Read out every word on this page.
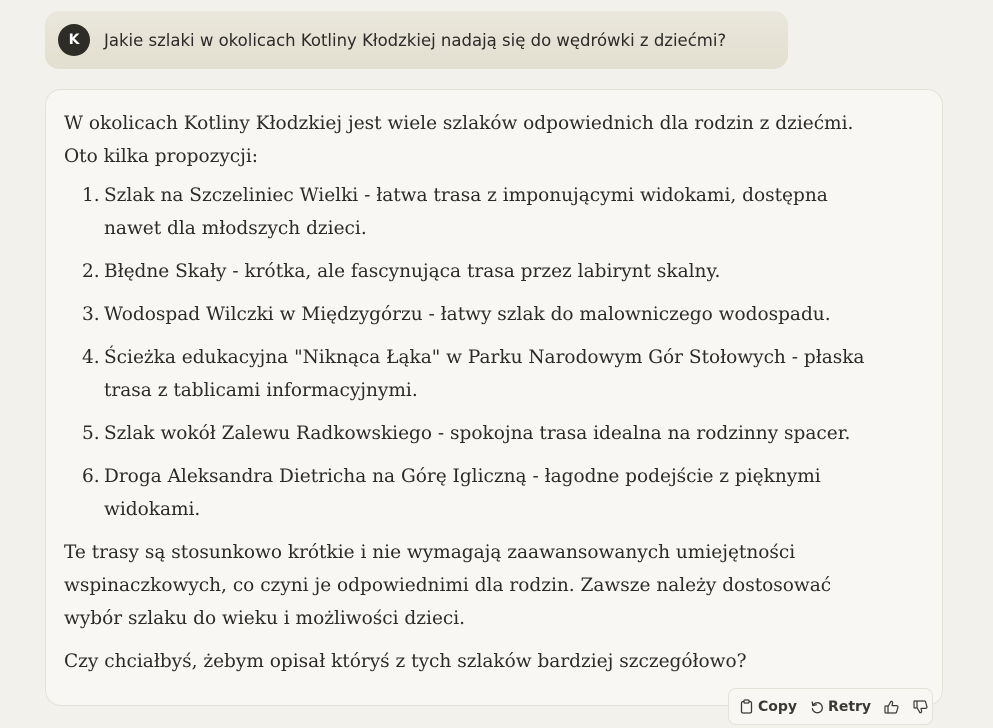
K	Jakie szlaki w okolicach Kotliny Kłodzkiej nadają się do wędrówki z dziećmi?

W okolicach Kotliny Kłodzkiej jest wiele szlaków odpowiednich dla rodzin z dziećmi. Oto kilka propozycji:

1. Szlak na Szczeliniec Wielki - łatwa trasa z imponującymi widokami, dostępna nawet dla młodszych dzieci.
2. Błędne Skały - krótka, ale fascynująca trasa przez labirynt skalny.
3. Wodospad Wilczki w Międzygórzu - łatwy szlak do malowniczego wodospadu.
4. Ścieżka edukacyjna "Niknąca Łąka" w Parku Narodowym Gór Stołowych - płaska trasa z tablicami informacyjnymi.
5. Szlak wokół Zalewu Radkowskiego - spokojna trasa idealna na rodzinny spacer.
6. Droga Aleksandra Dietricha na Górę Igliczną - łagodne podejście z pięknymi widokami.

Te trasy są stosunkowo krótkie i nie wymagają zaawansowanych umiejętności wspinaczkowych, co czyni je odpowiednimi dla rodzin. Zawsze należy dostosować wybór szlaku do wieku i możliwości dzieci.

Czy chciałbyś, żebym opisał któryś z tych szlaków bardziej szczegółowo?

Copy Retry
